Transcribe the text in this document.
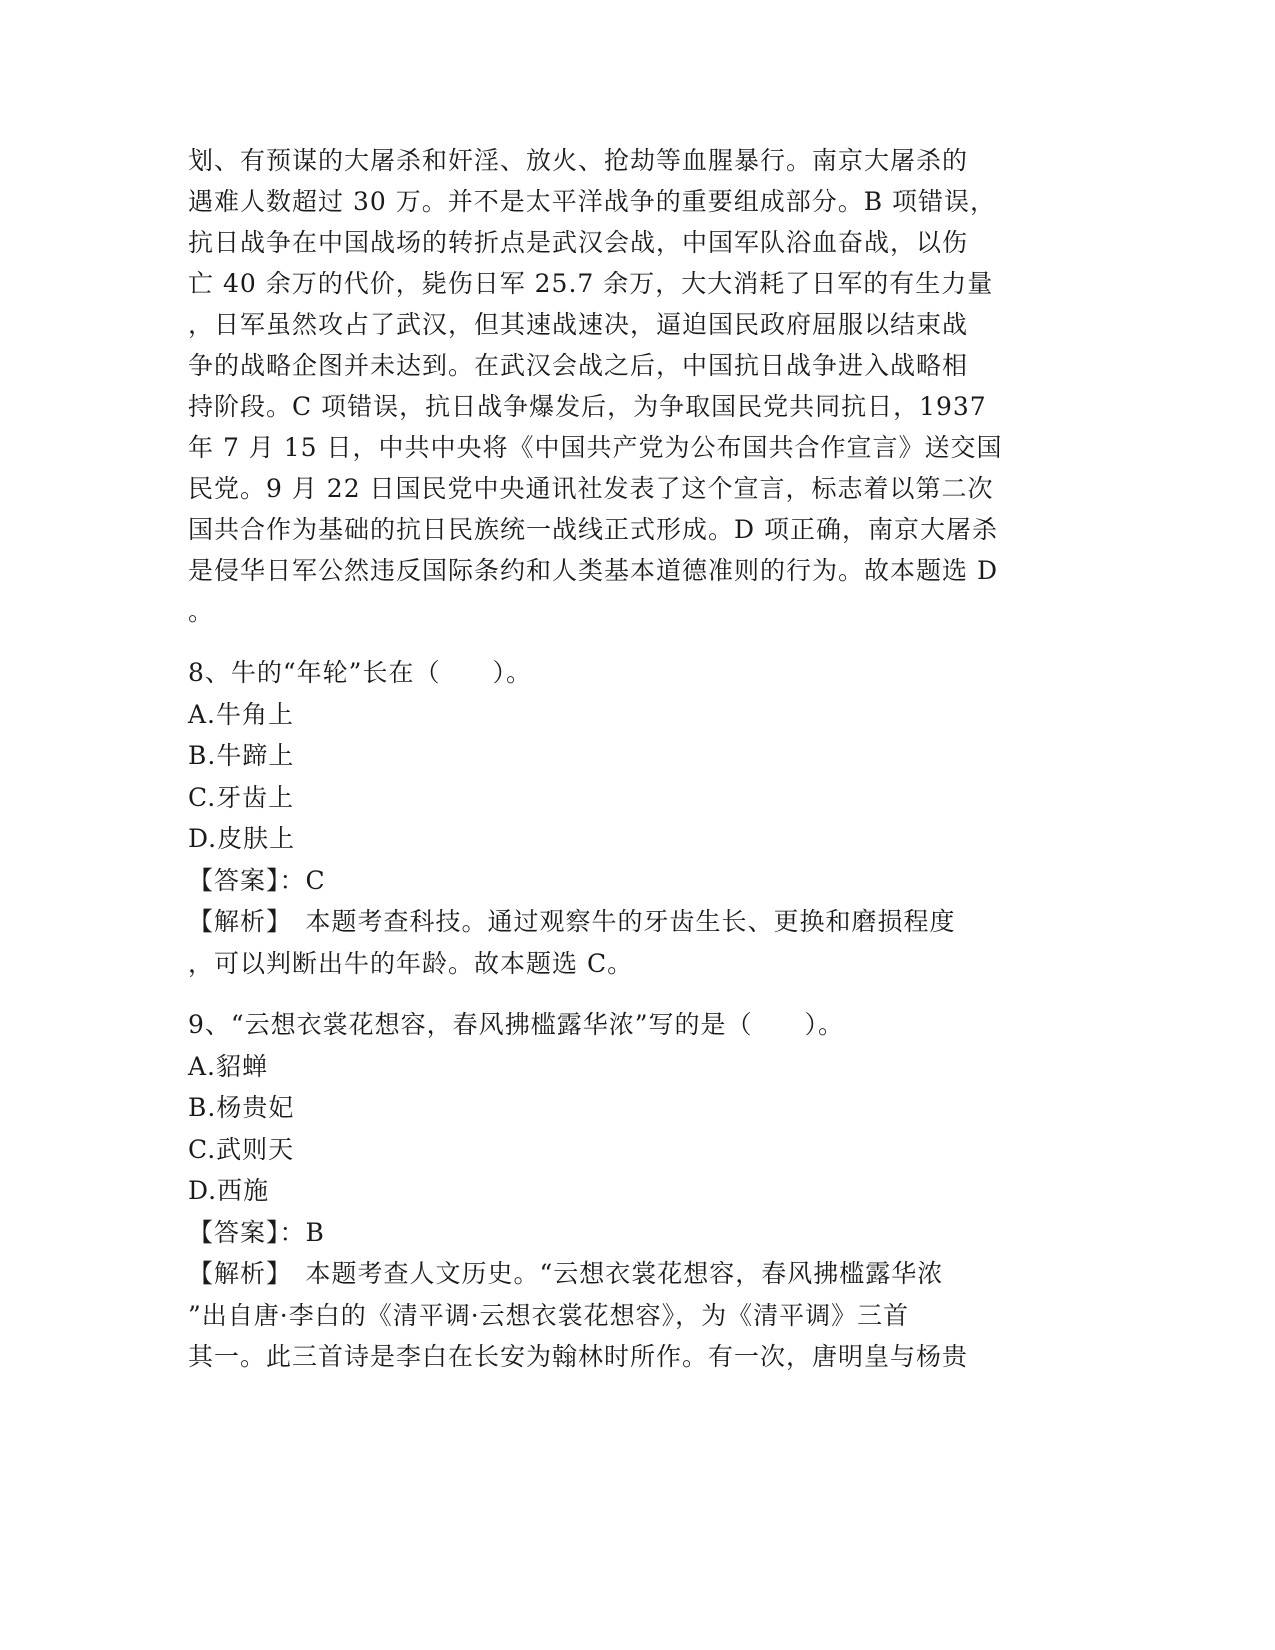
划、有预谋的大屠杀和奸淫、放火、抢劫等血腥暴行。南京大屠杀的
遇难人数超过 30 万。并不是太平洋战争的重要组成部分。B 项错误，
抗日战争在中国战场的转折点是武汉会战，中国军队浴血奋战，以伤
亡 40 余万的代价，毙伤日军 25.7 余万，大大消耗了日军的有生力量
，日军虽然攻占了武汉，但其速战速决，逼迫国民政府屈服以结束战
争的战略企图并未达到。在武汉会战之后，中国抗日战争进入战略相
持阶段。C 项错误，抗日战争爆发后，为争取国民党共同抗日，1937
年 7 月 15 日，中共中央将《中国共产党为公布国共合作宣言》送交国
民党。9 月 22 日国民党中央通讯社发表了这个宣言，标志着以第二次
国共合作为基础的抗日民族统一战线正式形成。D 项正确，南京大屠杀
是侵华日军公然违反国际条约和人类基本道德准则的行为。故本题选 D
。
8、牛的“年轮”长在（　　）。
A.牛角上
B.牛蹄上
C.牙齿上
D.皮肤上
【答案】：C
【解析】　本题考查科技。通过观察牛的牙齿生长、更换和磨损程度
，可以判断出牛的年龄。故本题选 C。
9、“云想衣裳花想容，春风拂槛露华浓”写的是（　　）。
A.貂蝉
B.杨贵妃
C.武则天
D.西施
【答案】：B
【解析】　本题考查人文历史。“云想衣裳花想容，春风拂槛露华浓
”出自唐·李白的《清平调·云想衣裳花想容》，为《清平调》三首
其一。此三首诗是李白在长安为翰林时所作。有一次，唐明皇与杨贵
